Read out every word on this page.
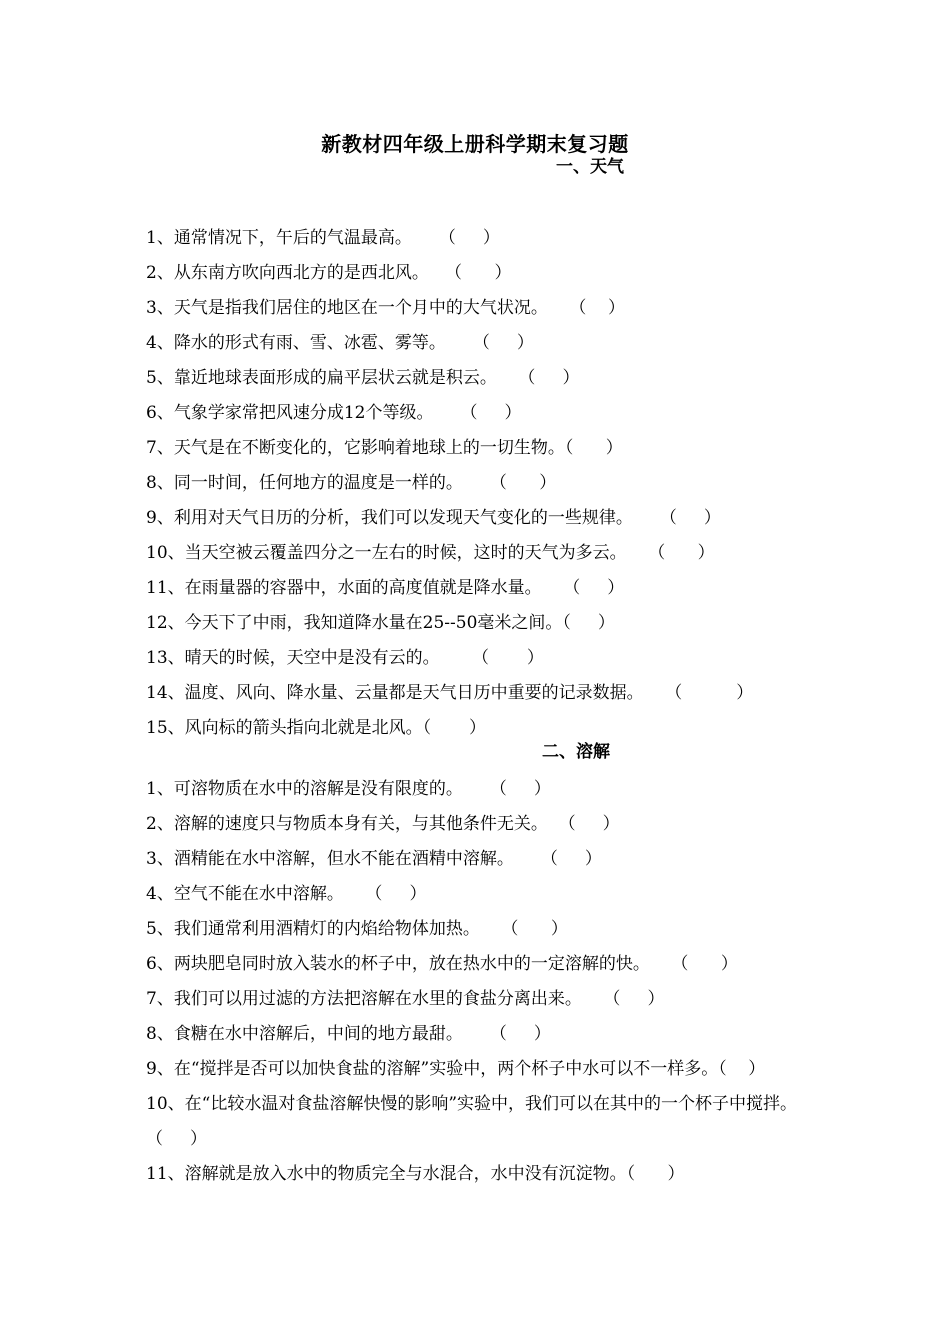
新教材四年级上册科学期末复习题
一、天气
1、通常情况下，午后的气温最高。     （     ）
2、从东南方吹向西北方的是西北风。   （      ）
3、天气是指我们居住的地区在一个月中的大气状况。    （    ）
4、降水的形式有雨、雪、冰雹、雾等。     （     ）
5、靠近地球表面形成的扁平层状云就是积云。    （     ）
6、气象学家常把风速分成12个等级。     （     ）
7、天气是在不断变化的，它影响着地球上的一切生物。（      ）
8、同一时间，任何地方的温度是一样的。     （      ）
9、利用对天气日历的分析，我们可以发现天气变化的一些规律。     （     ）
10、当天空被云覆盖四分之一左右的时候，这时的天气为多云。    （      ）
11、在雨量器的容器中，水面的高度值就是降水量。    （     ）
12、今天下了中雨，我知道降水量在25--50毫米之间。（     ）
13、晴天的时候，天空中是没有云的。      （       ）
14、温度、风向、降水量、云量都是天气日历中重要的记录数据。    （          ）
15、风向标的箭头指向北就是北风。（       ）
二、溶解
1、可溶物质在水中的溶解是没有限度的。     （     ）
2、溶解的速度只与物质本身有关，与其他条件无关。  （     ）
3、酒精能在水中溶解，但水不能在酒精中溶解。     （     ）
4、空气不能在水中溶解。    （     ）
5、我们通常利用酒精灯的内焰给物体加热。    （      ）
6、两块肥皂同时放入装水的杯子中，放在热水中的一定溶解的快。    （      ）
7、我们可以用过滤的方法把溶解在水里的食盐分离出来。    （     ）
8、食糖在水中溶解后，中间的地方最甜。     （     ）
9、在“搅拌是否可以加快食盐的溶解”实验中，两个杯子中水可以不一样多。（    ）
10、在“比较水温对食盐溶解快慢的影响”实验中，我们可以在其中的一个杯子中搅拌。    （     ）
11、溶解就是放入水中的物质完全与水混合，水中没有沉淀物。（      ）
